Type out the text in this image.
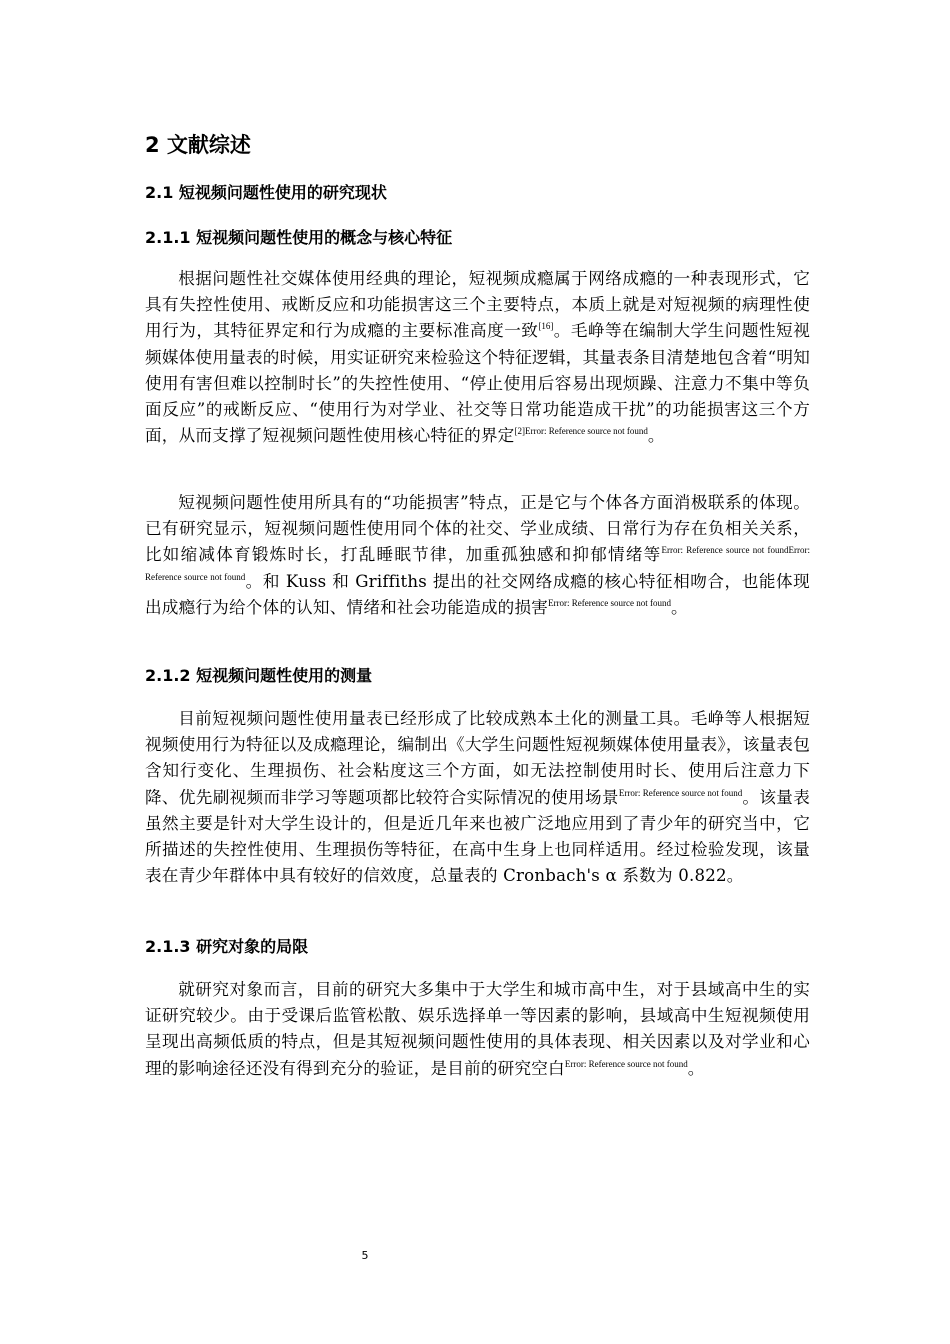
2 文献综述
2.1 短视频问题性使用的研究现状
2.1.1 短视频问题性使用的概念与核心特征

根据问题性社交媒体使用经典的理论，短视频成瘾属于网络成瘾的一种表现形式，它具有失控性使用、戒断反应和功能损害这三个主要特点，本质上就是对短视频的病理性使用行为，其特征界定和行为成瘾的主要标准高度一致[16]。毛峥等在编制大学生问题性短视频媒体使用量表的时候，用实证研究来检验这个特征逻辑，其量表条目清楚地包含着“明知使用有害但难以控制时长”的失控性使用、“停止使用后容易出现烦躁、注意力不集中等负面反应”的戒断反应、“使用行为对学业、社交等日常功能造成干扰”的功能损害这三个方面，从而支撑了短视频问题性使用核心特征的界定$^{[2]Error: Reference source not found}$。

短视频问题性使用所具有的“功能损害”特点，正是它与个体各方面消极联系的体现。已有研究显示，短视频问题性使用同个体的社交、学业成绩、日常行为存在负相关关系，比如缩减体育锻炼时长，打乱睡眠节律，加重孤独感和抑郁情绪等$^{Error: Reference source not foundError: Reference source not found}$。和 Kuss 和 Griffiths 提出的社交网络成瘾的核心特征相吻合，也能体现出成瘾行为给个体的认知、情绪和社会功能造成的损害$^{Error: Reference source not found}$。

2.1.2 短视频问题性使用的测量

目前短视频问题性使用量表已经形成了比较成熟本土化的测量工具。毛峥等人根据短视频使用行为特征以及成瘾理论，编制出《大学生问题性短视频媒体使用量表》，该量表包含知行变化、生理损伤、社会粘度这三个方面，如无法控制使用时长、使用后注意力下降、优先刷视频而非学习等题项都比较符合实际情况的使用场景$^{Error: Reference source not found}$。该量表虽然主要是针对大学生设计的，但是近几年来也被广泛地应用到了青少年的研究当中，它所描述的失控性使用、生理损伤等特征，在高中生身上也同样适用。经过检验发现，该量表在青少年群体中具有较好的信效度，总量表的 Cronbach's α 系数为 0.822。

2.1.3 研究对象的局限

就研究对象而言，目前的研究大多集中于大学生和城市高中生，对于县域高中生的实证研究较少。由于受课后监管松散、娱乐选择单一等因素的影响，县域高中生短视频使用呈现出高频低质的特点，但是其短视频问题性使用的具体表现、相关因素以及对学业和心理的影响途径还没有得到充分的验证，是目前的研究空白$^{Error: Reference source not found}$。

5
